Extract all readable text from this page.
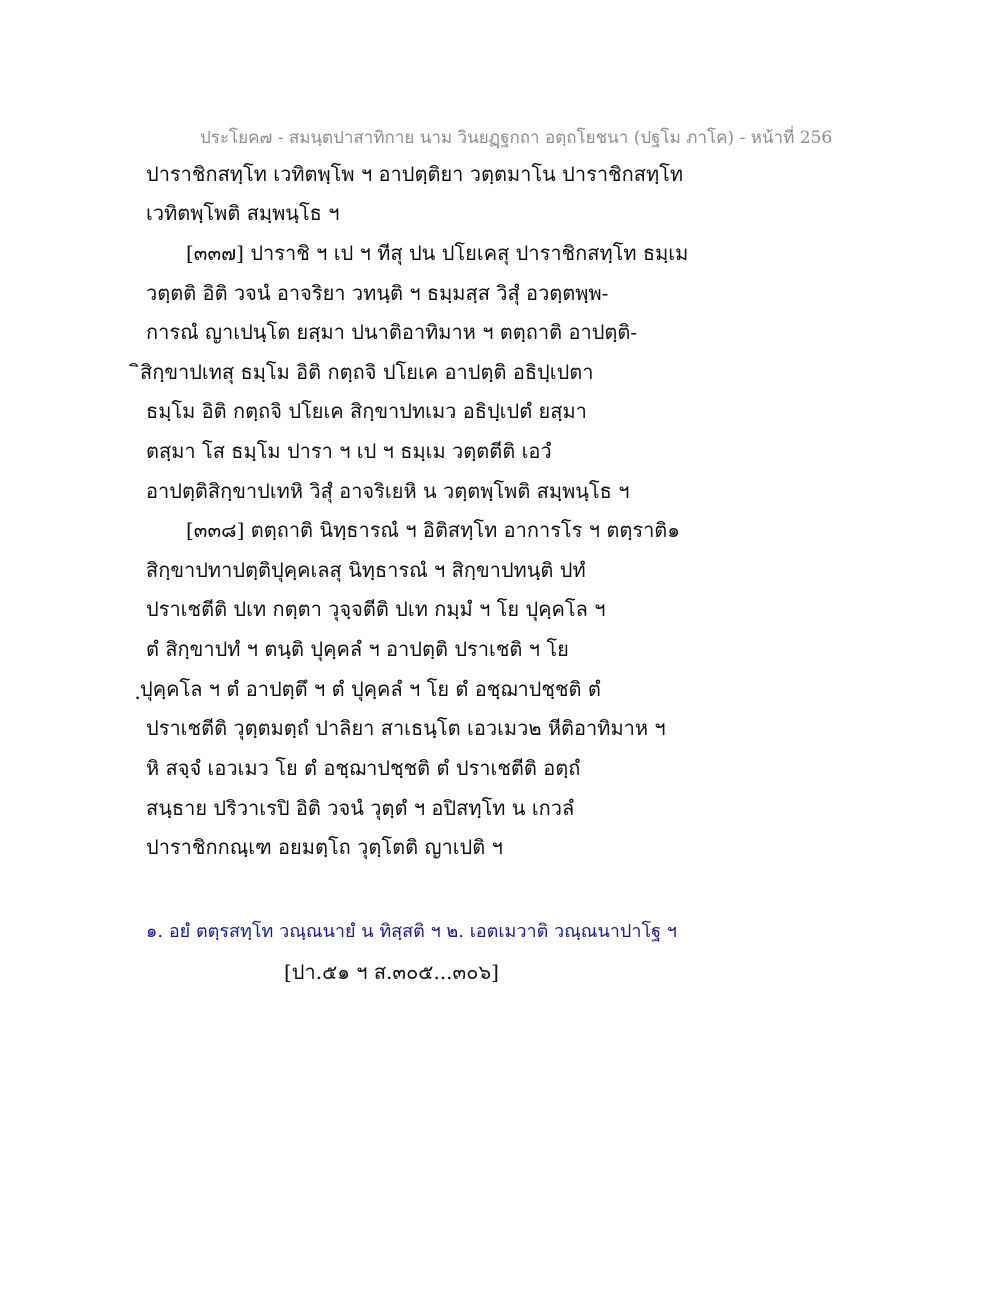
ประโยค๗ - สมนฺตปาสาทิกาย นาม วินยฏฺฐกถา อตฺถโยชนา (ปฐโม ภาโค) - หน้าที่ 256
ปาราชิกสทฺโท เวทิตพฺโพ ฯ อาปตฺติยา วตฺตมาโน ปาราชิกสทฺโท
เวทิตพฺโพติ สมฺพนฺโธ ฯ
[๓๓๗] ปาราชิ ฯ เป ฯ ทีสุ ปน ปโยเคสุ ปาราชิกสทฺโท ธมฺเม
วตฺตติ อิติ วจนํ อาจริยา วทนฺติ ฯ ธมฺมสฺส วิสุํ อวตฺตพฺพ-
การณํ ญาเปนฺโต ยสฺมา ปนาติอาทิมาห ฯ ตตฺถาติ อาปตฺติ-
ิสิกฺขาปเทสุ ธมฺโม อิติ กตฺถจิ ปโยเค อาปตฺติ อธิปฺเปตา
ธมฺโม อิติ กตฺถจิ ปโยเค สิกฺขาปทเมว อธิปฺเปตํ ยสฺมา
ตสฺมา โส ธมฺโม ปารา ฯ เป ฯ ธมฺเม วตฺตตีติ เอวํ
อาปตฺติสิกฺขาปเทหิ วิสุํ อาจริเยหิ น วตฺตพฺโพติ สมฺพนฺโธ ฯ
[๓๓๘] ตตฺถาติ นิทฺธารณํ ฯ อิติสทฺโท อาการโร ฯ ตตฺราติ๑
สิกฺขาปทาปตฺติปุคฺคเลสุ นิทฺธารณํ ฯ สิกฺขาปทนฺติ ปทํ
ปราเชตีติ ปเท กตฺตา วุจฺจตีติ ปเท กมฺมํ ฯ โย ปุคฺคโล ฯ
ตํ สิกฺขาปทํ ฯ ตนฺติ ปุคฺคลํ ฯ อาปตฺติ ปราเชติ ฯ โย
ฺปุคฺคโล ฯ ตํ อาปตฺตึ ฯ ตํ ปุคฺคลํ ฯ โย ตํ อชฺฌาปชฺชติ ตํ
ปราเชตีติ วุตฺตมตฺถํ ปาลิยา สาเธนฺโต เอวเมว๒ หีติอาทิมาห ฯ
หิ สจฺจํ เอวเมว โย ตํ อชฺฌาปชฺชติ ตํ ปราเชตีติ อตฺถํ
สนฺธาย ปริวาเรปิ อิติ วจนํ วุตฺตํ ฯ อปิสทฺโท น เกวลํ
ปาราชิกกณฺเฑ อยมตฺโถ วุตฺโตติ ญาเปติ ฯ
๑. อยํ ตตฺรสทฺโท วณฺณนายํ น ทิสฺสติ ฯ ๒. เอตเมวาติ วณฺณนาปาโฐ ฯ
[ปา.๕๑ ฯ ส.๓๐๕...๓๐๖]
